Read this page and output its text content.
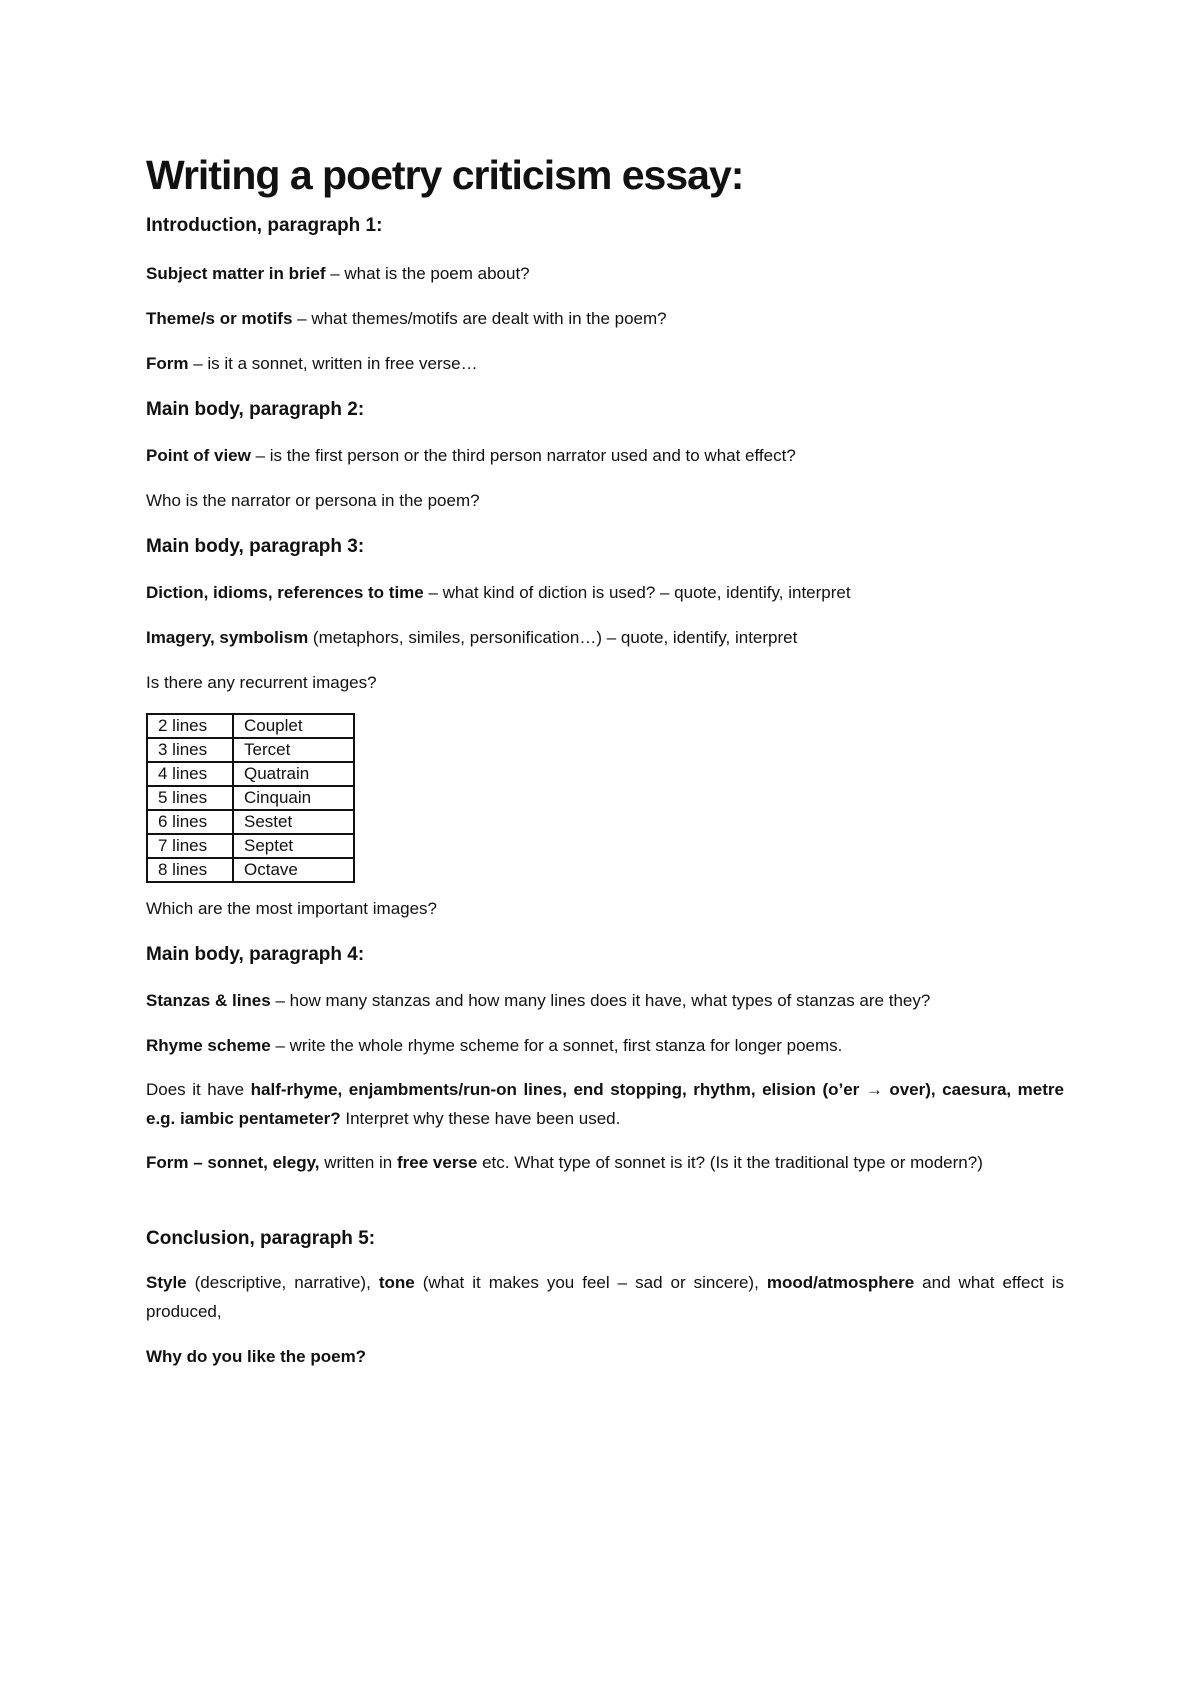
Writing a poetry criticism essay:
Introduction, paragraph 1:

Subject matter in brief – what is the poem about?

Theme/s or motifs – what themes/motifs are dealt with in the poem?

Form – is it a sonnet, written in free verse…

Main body, paragraph 2:

Point of view – is the first person or the third person narrator used and to what effect?

Who is the narrator or persona in the poem?

Main body, paragraph 3:

Diction, idioms, references to time – what kind of diction is used? – quote, identify, interpret

Imagery, symbolism (metaphors, similes, personification…) – quote, identify, interpret

Is there any recurrent images?

2 lines	Couplet
3 lines	Tercet
4 lines	Quatrain
5 lines	Cinquain
6 lines	Sestet
7 lines	Septet
8 lines	Octave

Which are the most important images?

Main body, paragraph 4:

Stanzas & lines – how many stanzas and how many lines does it have, what types of stanzas are they?

Rhyme scheme – write the whole rhyme scheme for a sonnet, first stanza for longer poems.

Does it have half-rhyme, enjambments/run-on lines, end stopping, rhythm, elision (o’er → over), caesura, metre e.g. iambic pentameter? Interpret why these have been used.

Form – sonnet, elegy, written in free verse etc. What type of sonnet is it? (Is it the traditional type or modern?)

Conclusion, paragraph 5:

Style (descriptive, narrative), tone (what it makes you feel – sad or sincere), mood/atmosphere and what effect is produced,

Why do you like the poem?
